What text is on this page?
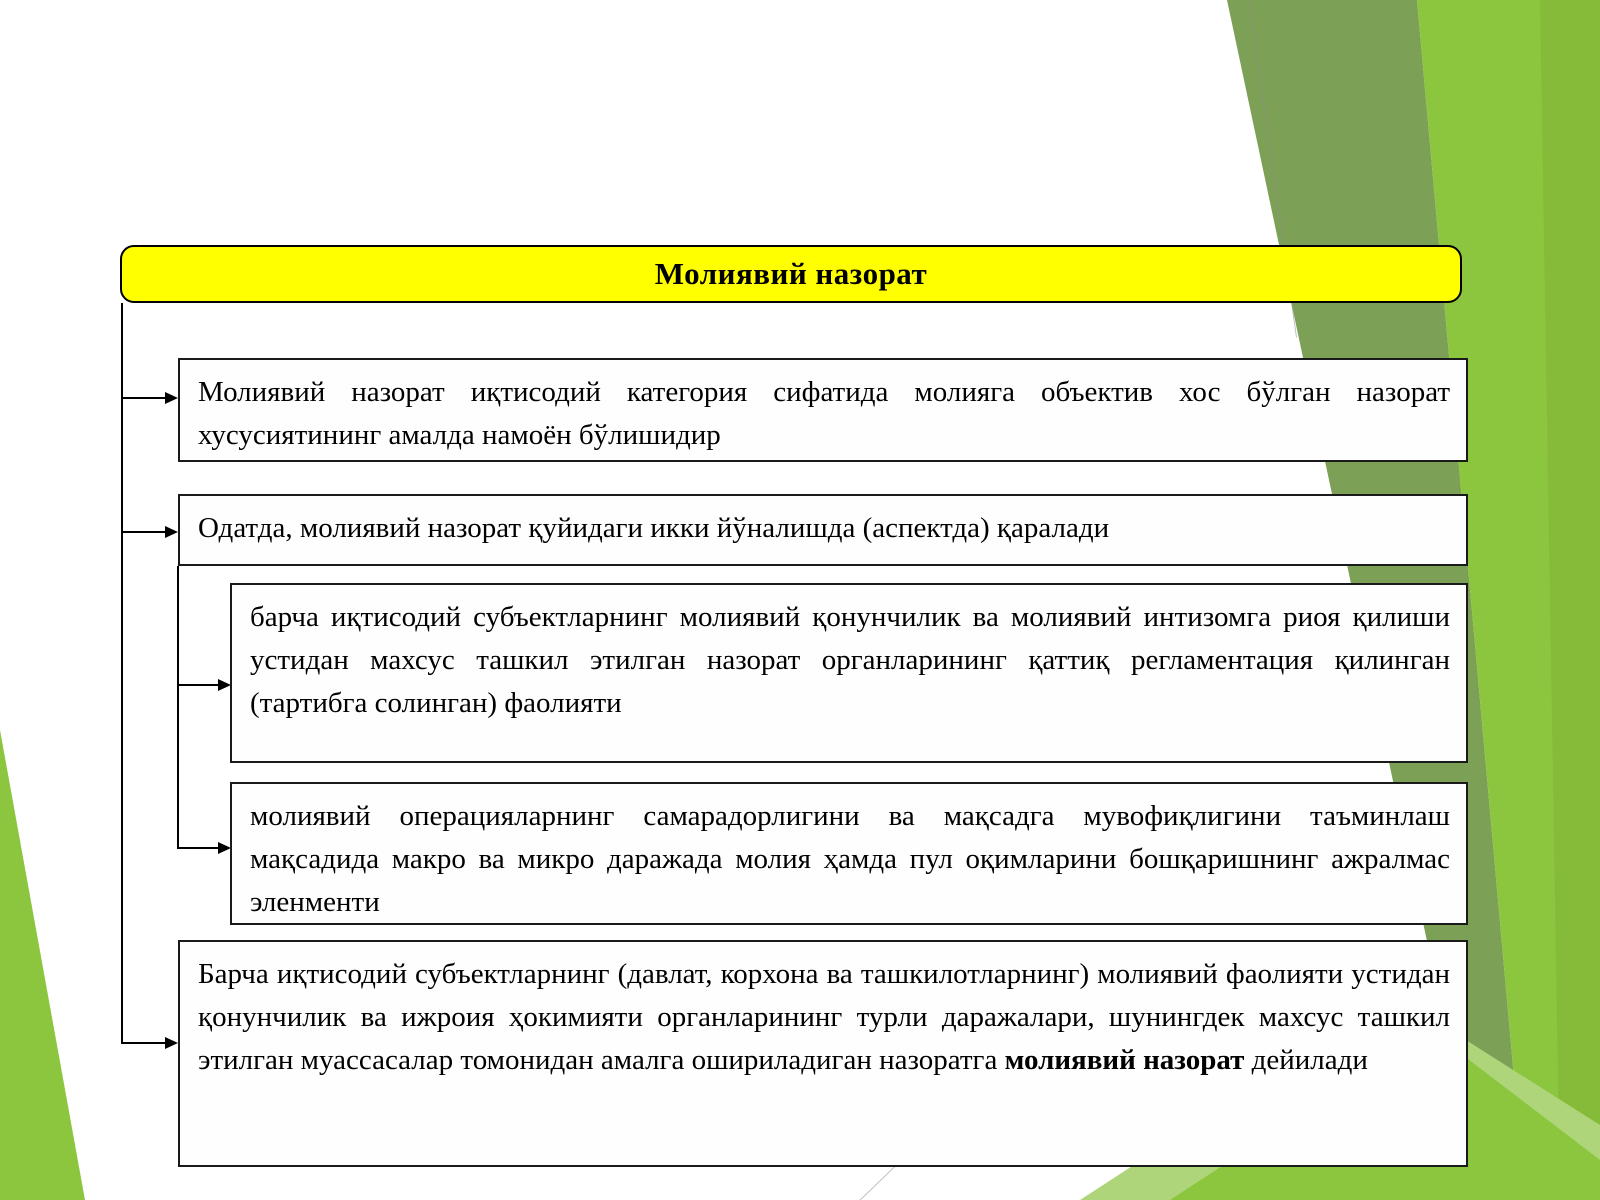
Молиявий назорат
Молиявий назорат иқтисодий категория сифатида молияга объектив хос бўлган назорат хусусиятининг амалда намоён бўлишидир
Одатда, молиявий назорат қуйидаги икки йўналишда (аспектда) қаралади
барча иқтисодий субъектларнинг молиявий қонунчилик ва молиявий интизомга риоя қилиши устидан махсус ташкил этилган назорат органларининг қаттиқ регламентация қилинган (тартибга солинган) фаолияти
молиявий операцияларнинг самарадорлигини ва мақсадга мувофиқлигини таъминлаш мақсадида макро ва микро даражада молия ҳамда пул оқимларини бошқаришнинг ажралмас эленменти
Барча иқтисодий субъектларнинг (давлат, корхона ва ташкилотларнинг) молиявий фаолияти устидан қонунчилик ва ижроия ҳокимияти органларининг турли даражалари, шунингдек махсус ташкил этилган муассасалар томонидан амалга ошириладиган назоратга молиявий назорат дейилади
